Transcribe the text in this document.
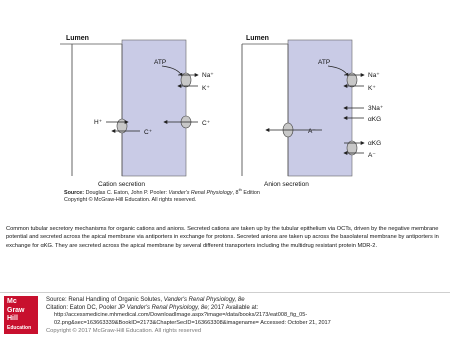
Lumen
ATP
Na⁺
K⁺
C⁺
H⁺
C⁺
Cation secretion
Lumen
ATP
Na⁺
K⁺
3Na⁺
αKG
αKG
A⁻
A⁻
Anion secretion
Source: Douglas C. Eaton, John P. Pooler: Vander's Renal Physiology, 8th Edition
Copyright © McGraw-Hill Education. All rights reserved.
Common tubular secretory mechanisms for organic cations and anions. Secreted cations are taken up by the tubular epithelium via OCTs, driven by the negative membrane potential and secreted across the apical membrane via antiporters in exchange for protons. Secreted anions are taken up across the basolateral membrane by antiporters in exchange for αKG. They are secreted across the apical membrane by several different transporters including the multidrug resistant protein MDR-2.
Mc
Graw
Hill
Education
Source: Renal Handling of Organic Solutes, Vander's Renal Physiology, 8e
Citation: Eaton DC, Pooler JP Vander's Renal Physiology, 8e; 2017 Available at:
http://accessmedicine.mhmedical.com/DownloadImage.aspx?image=/data/books/2173/eat008_fig_05-
02.png&sec=163663339&BookID=2173&ChapterSecID=163663308&imagename= Accessed: October 21, 2017
Copyright © 2017 McGraw-Hill Education. All rights reserved
